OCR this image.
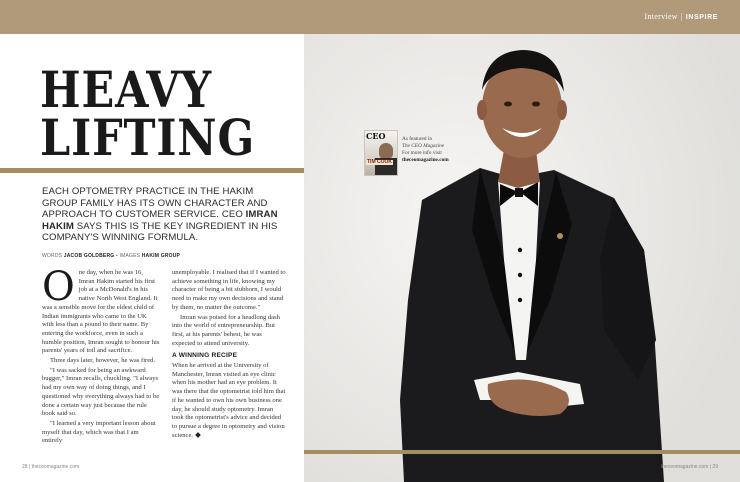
Interview | INSPIRE
HEAVY
LIFTING
EACH OPTOMETRY PRACTICE IN THE HAKIM GROUP FAMILY HAS ITS OWN CHARACTER AND APPROACH TO CUSTOMER SERVICE. CEO IMRAN HAKIM SAYS THIS IS THE KEY INGREDIENT IN HIS COMPANY'S WINNING FORMULA.
WORDS JACOB GOLDBERG • IMAGES HAKIM GROUP

One day, when he was 16, Imran Hakim started his first job at a McDonald's in his native North West England. It was a sensible move for the eldest child of Indian immigrants who came to the UK with less than a pound to their name. By entering the workforce, even in such a humble position, Imran sought to honour his parents' years of toil and sacrifice.

Three days later, however, he was fired.

"I was sacked for being an awkward bugger," Imran recalls, chuckling. "I always had my own way of doing things, and I questioned why everything always had to be done a certain way just because the rule book said so.

"I learned a very important lesson about myself that day, which was that I am entirely

unemployable. I realised that if I wanted to achieve something in life, knowing my character of being a bit stubborn, I would need to make my own decisions and stand by them, no matter the outcome."

Imran was poised for a headlong dash into the world of entrepreneurship. But first, at his parents' behest, he was expected to attend university.

A WINNING RECIPE

When he arrived at the University of Manchester, Imran visited an eye clinic when his mother had an eye problem. It was there that the optometrist told him that if he wanted to own his own business one day, he should study optometry. Imran took the optometrist's advice and decided to pursue a degree in optometry and vision science.

CEO
TIM COOK
As featured in
The CEO Magazine
For more info visit
theceomagazine.com
28 | theceomagazine.com	theceomagazine.com | 29
